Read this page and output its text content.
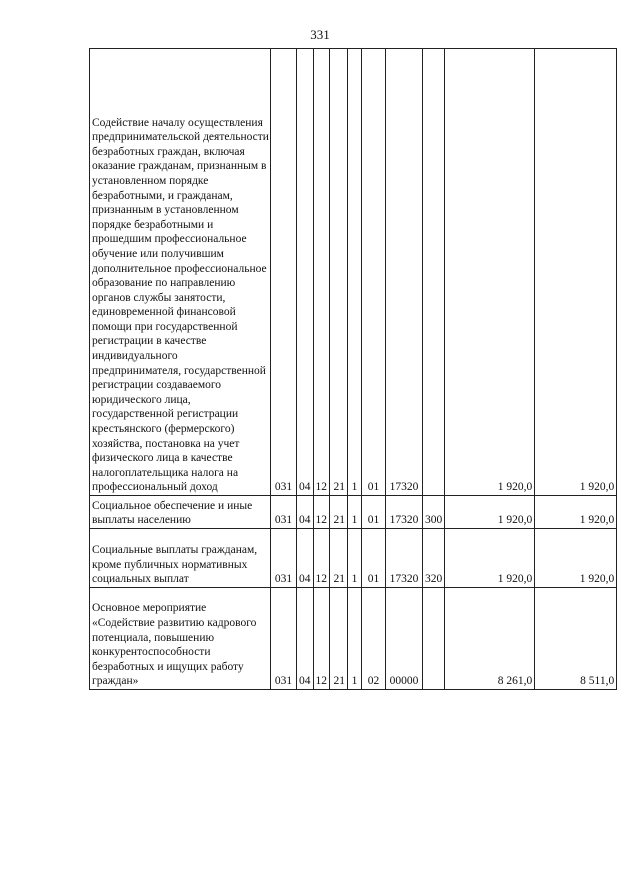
331
Содействие началу осуществления предпринимательской деятельности безработных граждан, включая оказание гражданам, признанным в установленном порядке безработными, и гражданам, признанным в установленном порядке безработными и прошедшим профессиональное обучение или получившим дополнительное профессиональное образование по направлению органов службы занятости, единовременной финансовой помощи при государственной регистрации в качестве индивидуального предпринимателя, государственной регистрации создаваемого юридического лица, государственной регистрации крестьянского (фермерского) хозяйства, постановка на учет физического лица в качестве налогоплательщика налога на профессиональный доход	031	04	12	21	1	01	17320		1 920,0	1 920,0
Социальное обеспечение и иные выплаты населению	031	04	12	21	1	01	17320	300	1 920,0	1 920,0
Социальные выплаты гражданам, кроме публичных нормативных социальных выплат	031	04	12	21	1	01	17320	320	1 920,0	1 920,0
Основное мероприятие «Содействие развитию кадрового потенциала, повышению конкурентоспособности безработных и ищущих работу граждан»	031	04	12	21	1	02	00000		8 261,0	8 511,0
